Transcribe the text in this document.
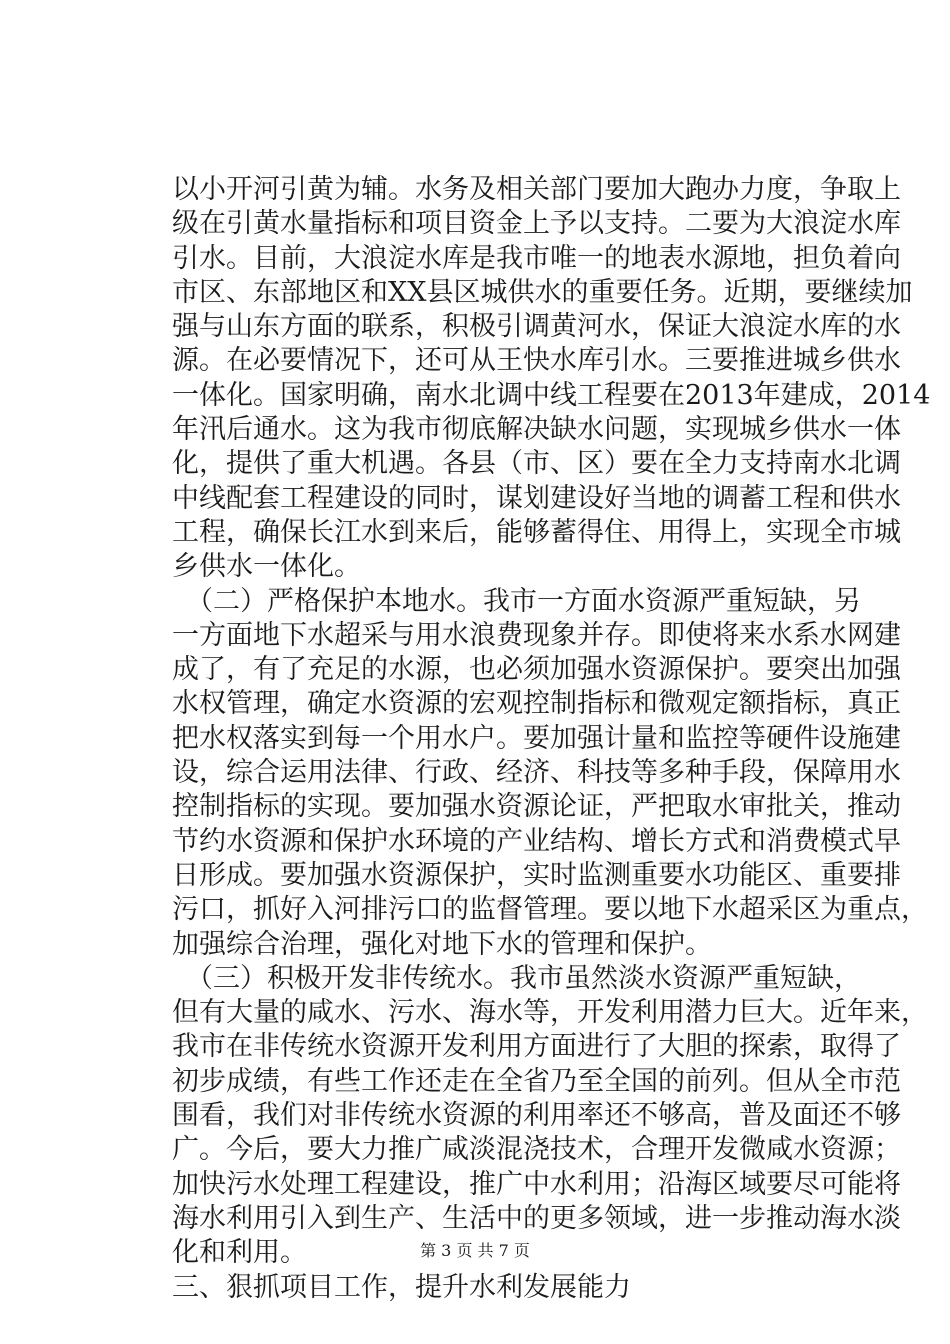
以小开河引黄为辅。水务及相关部门要加大跑办力度，争取上
级在引黄水量指标和项目资金上予以支持。二要为大浪淀水库
引水。目前，大浪淀水库是我市唯一的地表水源地，担负着向
市区、东部地区和XX县区城供水的重要任务。近期，要继续加
强与山东方面的联系，积极引调黄河水，保证大浪淀水库的水
源。在必要情况下，还可从王快水库引水。三要推进城乡供水
一体化。国家明确，南水北调中线工程要在2013年建成，2014
年汛后通水。这为我市彻底解决缺水问题，实现城乡供水一体
化，提供了重大机遇。各县（市、区）要在全力支持南水北调
中线配套工程建设的同时，谋划建设好当地的调蓄工程和供水
工程，确保长江水到来后，能够蓄得住、用得上，实现全市城
乡供水一体化。
（二）严格保护本地水。我市一方面水资源严重短缺，另
一方面地下水超采与用水浪费现象并存。即使将来水系水网建
成了，有了充足的水源，也必须加强水资源保护。要突出加强
水权管理，确定水资源的宏观控制指标和微观定额指标，真正
把水权落实到每一个用水户。要加强计量和监控等硬件设施建
设，综合运用法律、行政、经济、科技等多种手段，保障用水
控制指标的实现。要加强水资源论证，严把取水审批关，推动
节约水资源和保护水环境的产业结构、增长方式和消费模式早
日形成。要加强水资源保护，实时监测重要水功能区、重要排
污口，抓好入河排污口的监督管理。要以地下水超采区为重点，
加强综合治理，强化对地下水的管理和保护。
（三）积极开发非传统水。我市虽然淡水资源严重短缺，
但有大量的咸水、污水、海水等，开发利用潜力巨大。近年来，
我市在非传统水资源开发利用方面进行了大胆的探索，取得了
初步成绩，有些工作还走在全省乃至全国的前列。但从全市范
围看，我们对非传统水资源的利用率还不够高，普及面还不够
广。今后，要大力推广咸淡混浇技术，合理开发微咸水资源；
加快污水处理工程建设，推广中水利用；沿海区域要尽可能将
海水利用引入到生产、生活中的更多领域，进一步推动海水淡
化和利用。
三、狠抓项目工作，提升水利发展能力
第 3 页 共 7 页
